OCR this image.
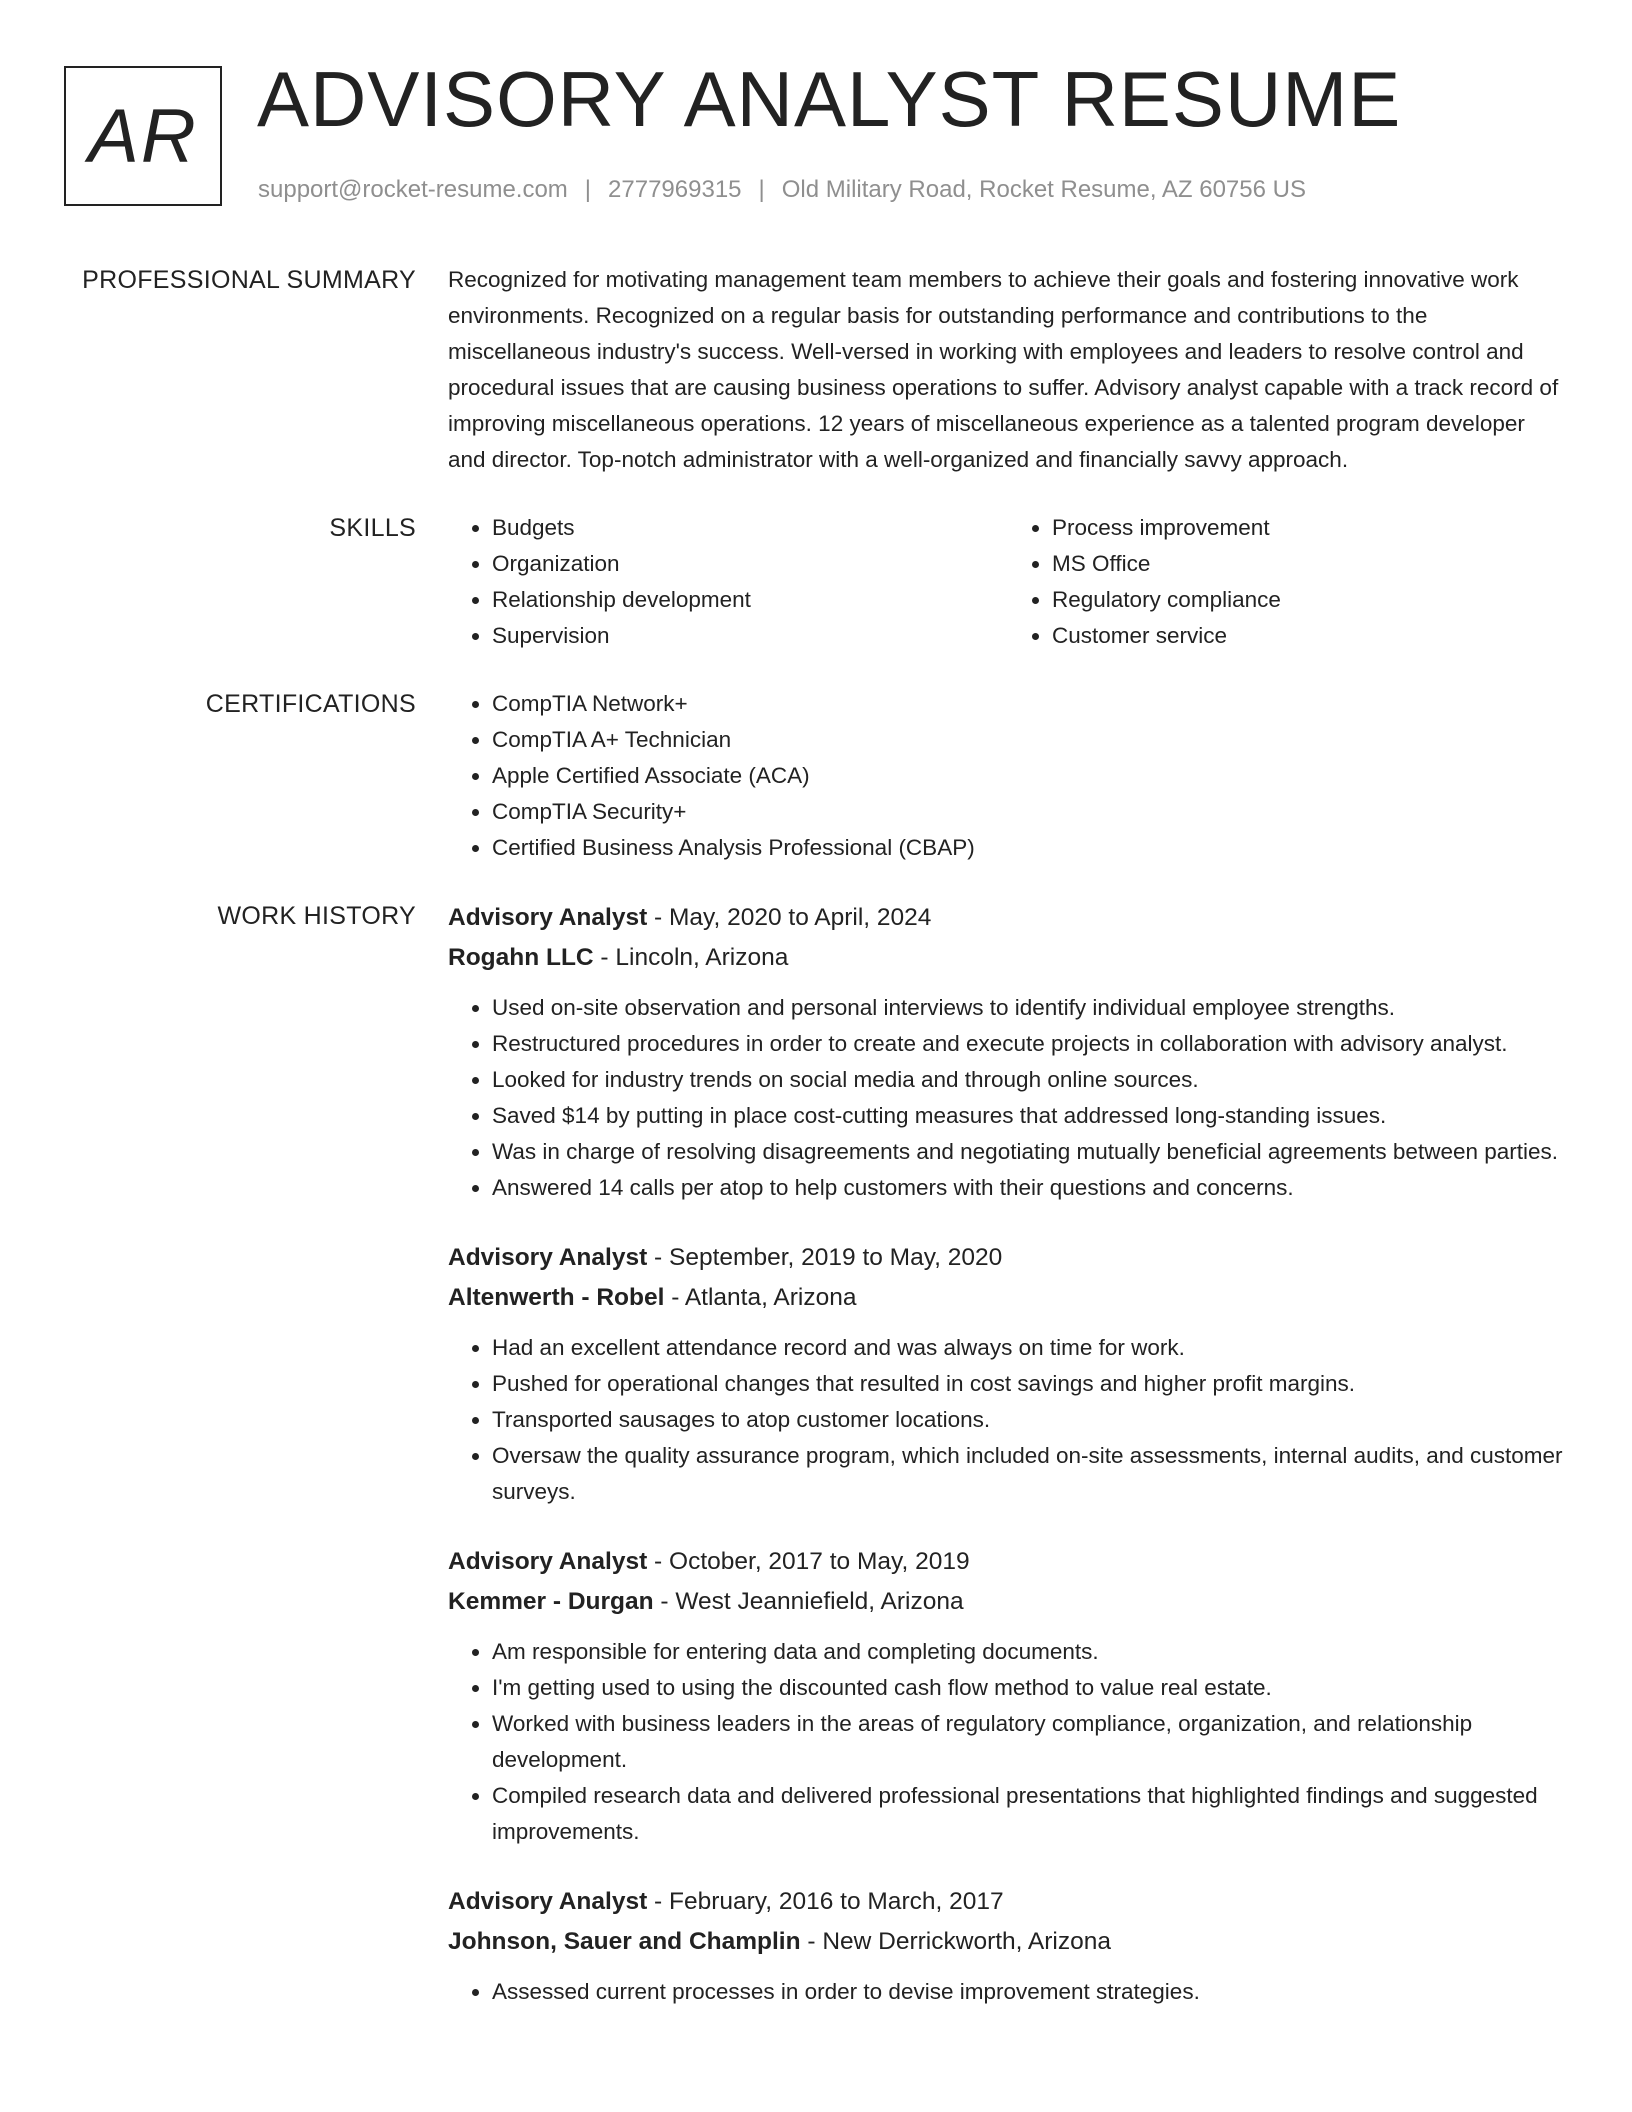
AR ADVISORY ANALYST RESUME
support@rocket-resume.com | 2777969315 | Old Military Road, Rocket Resume, AZ 60756 US
PROFESSIONAL SUMMARY Recognized for motivating management team members to achieve their goals and fostering innovative work environments. Recognized on a regular basis for outstanding performance and contributions to the miscellaneous industry's success. Well-versed in working with employees and leaders to resolve control and procedural issues that are causing business operations to suffer. Advisory analyst capable with a track record of improving miscellaneous operations. 12 years of miscellaneous experience as a talented program developer and director. Top-notch administrator with a well-organized and financially savvy approach.
SKILLS	• Budgets
• Organization
• Relationship development
• Supervision
• Process improvement
• MS Office
• Regulatory compliance
• Customer service
CERTIFICATIONS	• CompTIA Network+
• CompTIA A+ Technician
• Apple Certified Associate (ACA)
• CompTIA Security+
• Certified Business Analysis Professional (CBAP)
WORK HISTORY Advisory Analyst - May, 2020 to April, 2024
Rogahn LLC - Lincoln, Arizona
• Used on-site observation and personal interviews to identify individual employee strengths.
• Restructured procedures in order to create and execute projects in collaboration with advisory analyst.
• Looked for industry trends on social media and through online sources.
• Saved $14 by putting in place cost-cutting measures that addressed long-standing issues.
• Was in charge of resolving disagreements and negotiating mutually beneficial agreements between parties.
• Answered 14 calls per atop to help customers with their questions and concerns.
Advisory Analyst - September, 2019 to May, 2020
Altenwerth - Robel - Atlanta, Arizona
• Had an excellent attendance record and was always on time for work.
• Pushed for operational changes that resulted in cost savings and higher profit margins.
• Transported sausages to atop customer locations.
• Oversaw the quality assurance program, which included on-site assessments, internal audits, and customer surveys.
Advisory Analyst - October, 2017 to May, 2019
Kemmer - Durgan - West Jeanniefield, Arizona
• Am responsible for entering data and completing documents.
• I'm getting used to using the discounted cash flow method to value real estate.
• Worked with business leaders in the areas of regulatory compliance, organization, and relationship development.
• Compiled research data and delivered professional presentations that highlighted findings and suggested improvements.
Advisory Analyst - February, 2016 to March, 2017
Johnson, Sauer and Champlin - New Derrickworth, Arizona
• Assessed current processes in order to devise improvement strategies.
